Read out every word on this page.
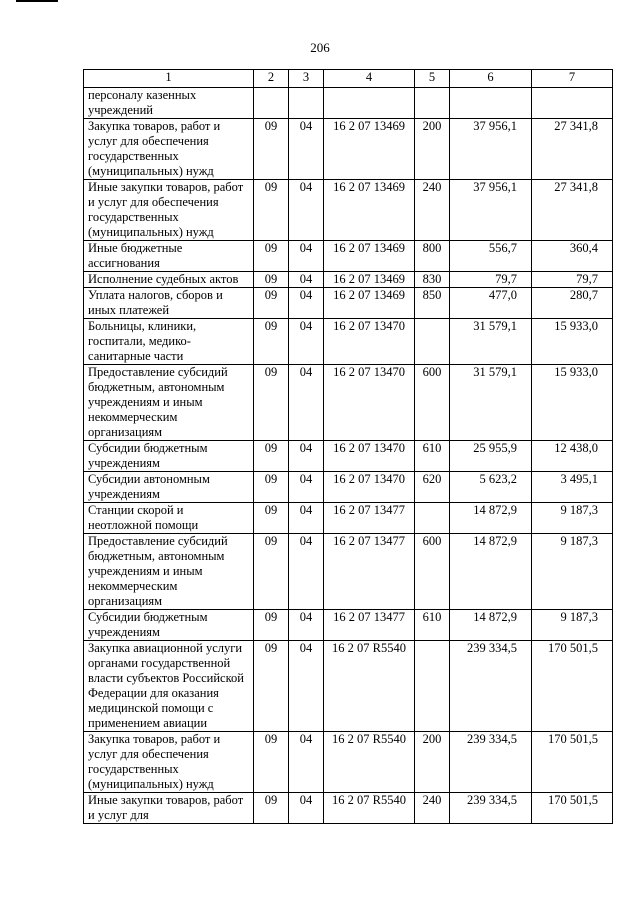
206
1	2	3	4	5	6	7
персоналу казенных учреждений						
Закупка товаров, работ и услуг для обеспечения государственных (муниципальных) нужд	09	04	16 2 07 13469	200	37 956,1	27 341,8
Иные закупки товаров, работ и услуг для обеспечения государственных (муниципальных) нужд	09	04	16 2 07 13469	240	37 956,1	27 341,8
Иные бюджетные ассигнования	09	04	16 2 07 13469	800	556,7	360,4
Исполнение судебных актов	09	04	16 2 07 13469	830	79,7	79,7
Уплата налогов, сборов и иных платежей	09	04	16 2 07 13469	850	477,0	280,7
Больницы, клиники, госпитали, медико-санитарные части	09	04	16 2 07 13470		31 579,1	15 933,0
Предоставление субсидий бюджетным, автономным учреждениям и иным некоммерческим организациям	09	04	16 2 07 13470	600	31 579,1	15 933,0
Субсидии бюджетным учреждениям	09	04	16 2 07 13470	610	25 955,9	12 438,0
Субсидии автономным учреждениям	09	04	16 2 07 13470	620	5 623,2	3 495,1
Станции скорой и неотложной помощи	09	04	16 2 07 13477		14 872,9	9 187,3
Предоставление субсидий бюджетным, автономным учреждениям и иным некоммерческим организациям	09	04	16 2 07 13477	600	14 872,9	9 187,3
Субсидии бюджетным учреждениям	09	04	16 2 07 13477	610	14 872,9	9 187,3
Закупка авиационной услуги органами государственной власти субъектов Российской Федерации для оказания медицинской помощи с применением авиации	09	04	16 2 07 R5540		239 334,5	170 501,5
Закупка товаров, работ и услуг для обеспечения государственных (муниципальных) нужд	09	04	16 2 07 R5540	200	239 334,5	170 501,5
Иные закупки товаров, работ и услуг для	09	04	16 2 07 R5540	240	239 334,5	170 501,5
